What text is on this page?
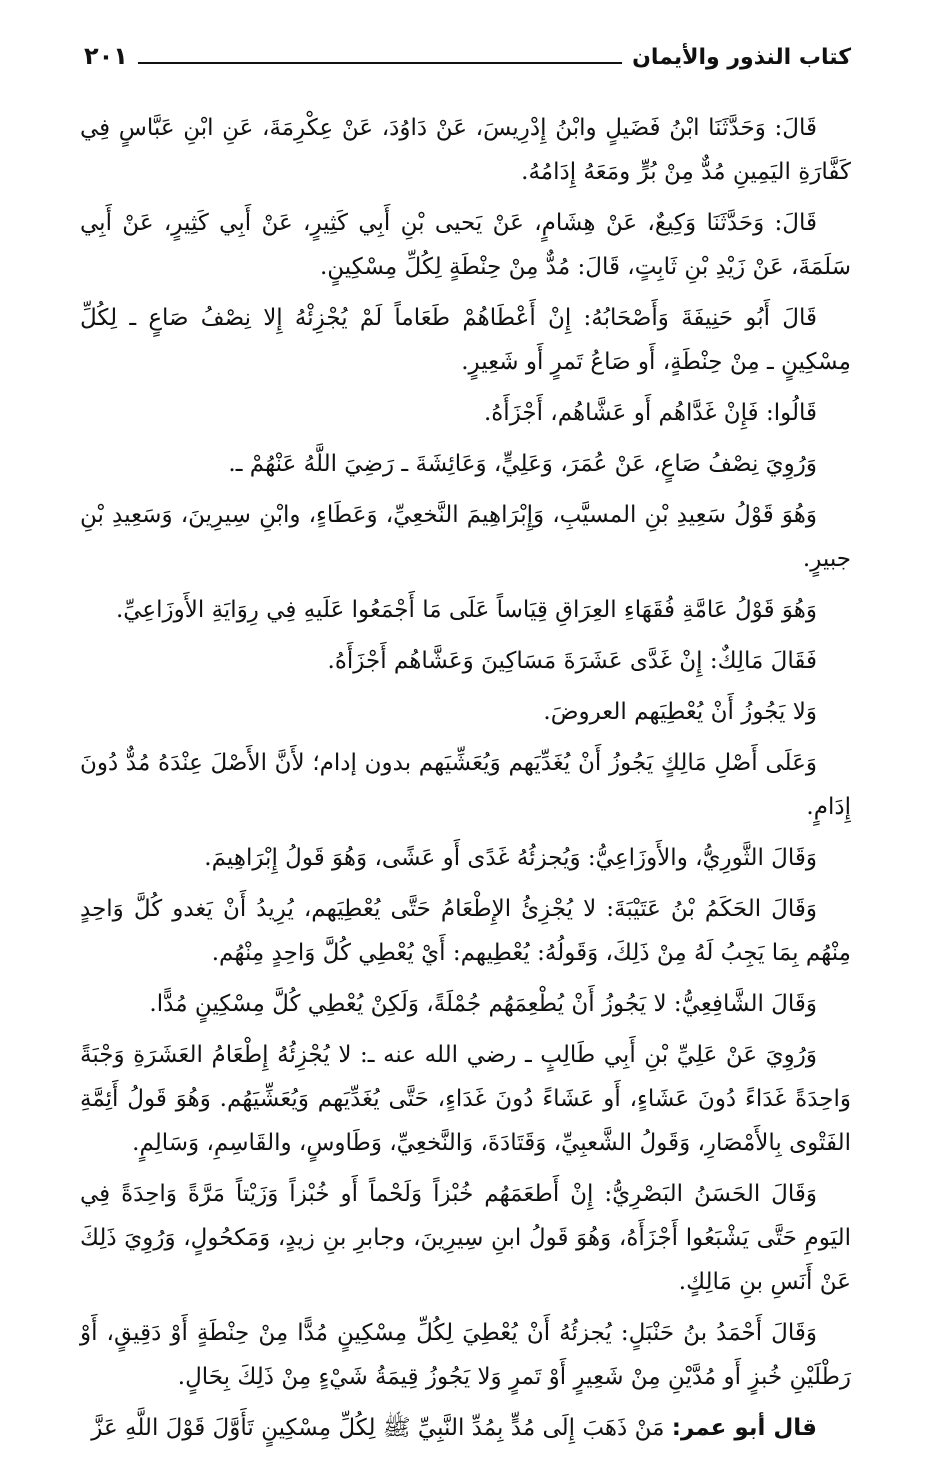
كتاب النذور والأيمان
٢٠١

قَالَ: وَحَدَّثَنَا ابْنُ فَضَيلٍ وابْنُ إِدْرِيسَ، عَنْ دَاوُدَ، عَنْ عِكْرِمَةَ، عَنِ ابْنِ عَبَّاسٍ فِي كَفَّارَةِ اليَمِينِ مُدٌّ مِنْ بُرٍّ ومَعَهُ إِدَامُهُ.

قَالَ: وَحَدَّثَنَا وَكِيعٌ، عَنْ هِشَامٍ، عَنْ يَحيى بْنِ أَبِي كَثِيرٍ، عَنْ أَبِي كَثِيرٍ، عَنْ أَبِي سَلَمَةَ، عَنْ زَيْدِ بْنِ ثَابِتٍ، قَالَ: مُدٌّ مِنْ حِنْطَةٍ لِكُلِّ مِسْكِينٍ.

قَالَ أَبُو حَنِيفَةَ وَأَصْحَابُهُ: إِنْ أَعْطَاهُمْ طَعَاماً لَمْ يُجْزِئْهُ إِلا نِصْفُ صَاعٍ ـ لِكُلِّ مِسْكِينٍ ـ مِنْ حِنْطَةٍ، أَو صَاعُ تَمرٍ أَو شَعِيرٍ.

قَالُوا: فَإِنْ غَدَّاهُم أَو عَشَّاهُم، أَجْزَأَهُ.

وَرُوِيَ نِصْفُ صَاعٍ، عَنْ عُمَرَ، وَعَلِيٍّ، وَعَائِشَةَ ـ رَضِيَ اللَّهُ عَنْهُمْ ـ.

وَهُوَ قَوْلُ سَعِيدِ بْنِ المسيَّبِ، وَإِبْرَاهِيمَ النَّخعِيِّ، وَعَطَاءٍ، وابْنِ سِيرِينَ، وَسَعِيدِ بْنِ جبيرٍ.

وَهُوَ قَوْلُ عَامَّةِ فُقَهَاءِ العِرَاقِ قِيَاساً عَلَى مَا أَجْمَعُوا عَلَيهِ فِي رِوَايَةِ الأَوزَاعِيِّ.

فَقَالَ مَالِكٌ: إِنْ غَدَّى عَشَرَةَ مَسَاكِينَ وَعَشَّاهُم أَجْزَأَهُ.

وَلا يَجُوزُ أَنْ يُعْطِيَهم العروضَ.

وَعَلَى أَصْلِ مَالِكٍ يَجُوزُ أَنْ يُغَدِّيَهم وَيُعَشِّيَهم بدون إدام؛ لأَنَّ الأَصْلَ عِنْدَهُ مُدٌّ دُونَ إِدَامٍ.

وَقَالَ الثَّورِيُّ، والأَوزَاعِيُّ: وَيُجزئُهُ غَدًى أَو عَشًى، وَهُوَ قَولُ إِبْرَاهِيمَ.

وَقَالَ الحَكَمُ بْنُ عَتَيْبَةَ: لا يُجْزِئُ الإِطْعَامُ حَتَّى يُعْطِيَهم، يُرِيدُ أَنْ يَغدو كُلَّ وَاحِدٍ مِنْهُم بِمَا يَجِبُ لَهُ مِنْ ذَلِكَ، وَقَولُهُ: يُعْطِيهم: أَيْ يُعْطِي كُلَّ وَاحِدٍ مِنْهُم.

وَقَالَ الشَّافِعِيُّ: لا يَجُوزُ أَنْ يُطْعِمَهُم جُمْلَةً، وَلَكِنْ يُعْطِي كُلَّ مِسْكِينٍ مُدًّا.

وَرُوِيَ عَنْ عَلِيِّ بْنِ أَبِي طَالِبٍ ـ رضي الله عنه ـ: لا يُجْزِئُهُ إِطْعَامُ العَشَرَةِ وَجْبَةً وَاحِدَةً غَدَاءً دُونَ عَشَاءٍ، أَو عَشَاءً دُونَ غَدَاءٍ، حَتَّى يُغَدِّيَهم وَيُعَشِّيَهُم. وَهُوَ قَولُ أَئِمَّةِ الفَتْوى بِالأَمْصَارِ، وَقَولُ الشَّعبِيِّ، وَقَتَادَةَ، وَالنَّخعِيِّ، وَطَاوسٍ، والقَاسِمِ، وَسَالِمٍ.

وَقَالَ الحَسَنُ البَصْرِيُّ: إِنْ أَطعَمَهُم خُبْزاً وَلَحْماً أَو خُبْزاً وَزَيْتاً مَرَّةً وَاحِدَةً فِي اليَومِ حَتَّى يَشْبَعُوا أَجْزَأَهُ، وَهُوَ قَولُ ابنِ سِيرِينَ، وجابرِ بنِ زيدٍ، وَمَكحُولٍ، وَرُوِيَ ذَلِكَ عَنْ أَنَسِ بنِ مَالِكٍ.

وَقَالَ أَحْمَدُ بنُ حَنْبَلٍ: يُجزئُهُ أَنْ يُعْطِيَ لِكُلِّ مِسْكِينٍ مُدًّا مِنْ حِنْطَةٍ أَوْ دَقِيقٍ، أَوْ رَطْلَيْنِ خُبزٍ أَو مُدَّيْنِ مِنْ شَعِيرٍ أَوْ تَمرٍ وَلا يَجُوزُ قِيمَةُ شَيْءٍ مِنْ ذَلِكَ بِحَالٍ.

قال أبو عمر: مَنْ ذَهَبَ إِلَى مُدٍّ بِمُدِّ النَّبِيِّ ﷺ لِكُلِّ مِسْكِينٍ تَأَوَّلَ قَوْلَ اللَّهِ عَزَّ
